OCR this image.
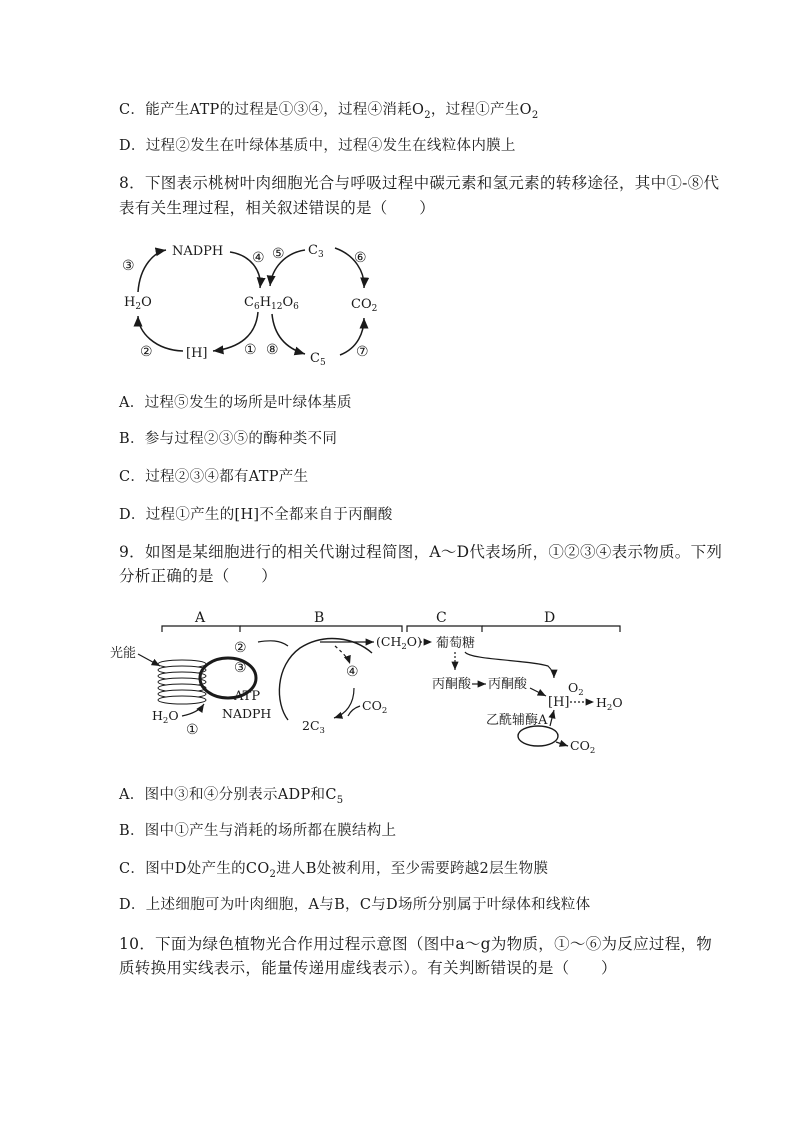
C．能产生ATP的过程是①③④，过程④消耗$O_2$，过程①产生$O_2$
D．过程②发生在叶绿体基质中，过程④发生在线粒体内膜上
8．下图表示桃树叶肉细胞光合与呼吸过程中碳元素和氢元素的转移途径，其中①-⑧代
表有关生理过程，相关叙述错误的是（　　）
NADPH
$H_2O$	$C_6H_{12}O_6$
[H]
$C_3$
$C_5$
$CO_2$
③	④ ⑤	⑥
②	① ⑧	⑦
A．过程⑤发生的场所是叶绿体基质
B．参与过程②③⑤的酶种类不同
C．过程②③④都有ATP产生
D．过程①产生的[H]不全都来自于丙酮酸
9．如图是某细胞进行的相关代谢过程简图，A～D代表场所，①②③④表示物质。下列
分析正确的是（　　）
A	B	C	D
光能	②
③
ATP
NADPH
$H_2O$
①
④
$CO_2$
$2C_3$
$(CH_2O)$ 葡萄糖
丙酮酸 丙酮酸
[H]
$O_2$
$H_2O$
乙酰辅酶A
$CO_2$
A．图中③和④分别表示ADP和$C_5$
B．图中①产生与消耗的场所都在膜结构上
C．图中D处产生的$CO_2$进人B处被利用，至少需要跨越2层生物膜
D．上述细胞可为叶肉细胞，A与B，C与D场所分别属于叶绿体和线粒体
10．下面为绿色植物光合作用过程示意图（图中a～g为物质，①～⑥为反应过程，物
质转换用实线表示，能量传递用虚线表示）。有关判断错误的是（　　）
